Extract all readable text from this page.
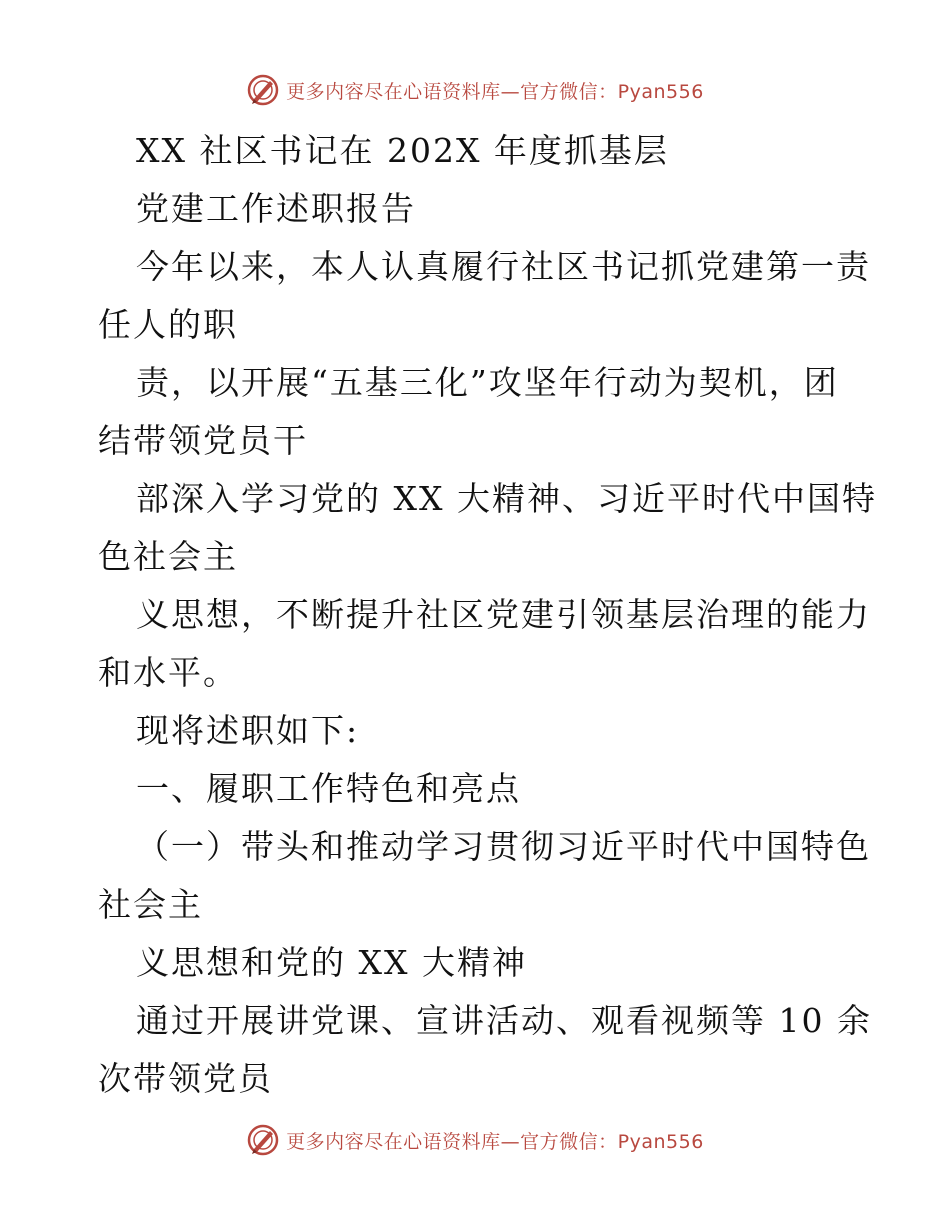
更多内容尽在心语资料库—官方微信：Pyan556
XX 社区书记在 202X 年度抓基层
党建工作述职报告
今年以来，本人认真履行社区书记抓党建第一责
任人的职
责，以开展“五基三化”攻坚年行动为契机，团
结带领党员干
部深入学习党的 XX 大精神、习近平时代中国特
色社会主
义思想，不断提升社区党建引领基层治理的能力
和水平。
现将述职如下:
一、履职工作特色和亮点
（一）带头和推动学习贯彻习近平时代中国特色
社会主
义思想和党的 XX 大精神
通过开展讲党课、宣讲活动、观看视频等 10 余
次带领党员
更多内容尽在心语资料库—官方微信：Pyan556
